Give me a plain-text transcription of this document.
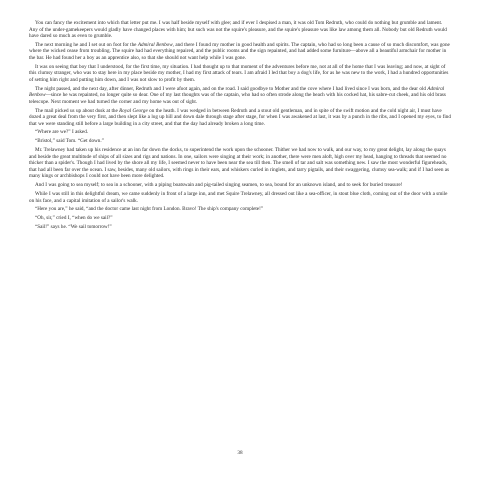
You can fancy the excitement into which that letter put me. I was half beside myself with glee; and if ever I despised a man, it was old Tom Redruth, who could do nothing but grumble and lament. Any of the under-gamekeepers would gladly have changed places with him; but such was not the squire's pleasure, and the squire's pleasure was like law among them all. Nobody but old Redruth would have dared so much as even to grumble.

The next morning he and I set out on foot for the Admiral Benbow, and there I found my mother in good health and spirits. The captain, who had so long been a cause of so much discomfort, was gone where the wicked cease from troubling. The squire had had everything repaired, and the public rooms and the sign repainted, and had added some furniture—above all a beautiful armchair for mother in the bar. He had found her a boy as an apprentice also, so that she should not want help while I was gone.

It was on seeing that boy that I understood, for the first time, my situation. I had thought up to that moment of the adventures before me, not at all of the home that I was leaving; and now, at sight of this clumsy stranger, who was to stay here in my place beside my mother, I had my first attack of tears. I am afraid I led that boy a dog's life, for as he was new to the work, I had a hundred opportunities of setting him right and putting him down, and I was not slow to profit by them.

The night passed, and the next day, after dinner, Redruth and I were afoot again, and on the road. I said goodbye to Mother and the cove where I had lived since I was born, and the dear old Admiral Benbow—since he was repainted, no longer quite so dear. One of my last thoughts was of the captain, who had so often strode along the beach with his cocked hat, his sabre-cut cheek, and his old brass telescope. Next moment we had turned the corner and my home was out of sight.

The mail picked us up about dusk at the Royal George on the heath. I was wedged in between Redruth and a stout old gentleman, and in spite of the swift motion and the cold night air, I must have dozed a great deal from the very first, and then slept like a log up hill and down dale through stage after stage, for when I was awakened at last, it was by a punch in the ribs, and I opened my eyes, to find that we were standing still before a large building in a city street, and that the day had already broken a long time.

“Where are we?” I asked.

“Bristol,” said Tom. “Get down.”

Mr. Trelawney had taken up his residence at an inn far down the docks, to superintend the work upon the schooner. Thither we had now to walk, and our way, to my great delight, lay along the quays and beside the great multitude of ships of all sizes and rigs and nations. In one, sailors were singing at their work; in another, there were men aloft, high over my head, hanging to threads that seemed no thicker than a spider's. Though I had lived by the shore all my life, I seemed never to have been near the sea till then. The smell of tar and salt was something new. I saw the most wonderful figureheads, that had all been far over the ocean. I saw, besides, many old sailors, with rings in their ears, and whiskers curled in ringlets, and tarry pigtails, and their swaggering, clumsy sea-walk; and if I had seen as many kings or archbishops I could not have been more delighted.

And I was going to sea myself; to sea in a schooner, with a piping boatswain and pig-tailed singing seamen, to sea, bound for an unknown island, and to seek for buried treasure!

While I was still in this delightful dream, we came suddenly in front of a large inn, and met Squire Trelawney, all dressed out like a sea-officer, in stout blue cloth, coming out of the door with a smile on his face, and a capital imitation of a sailor's walk.

“Here you are,” he said, “and the doctor came last night from London. Bravo! The ship's company complete!”

“Oh, sir,” cried I, “when do we sail?”

“Sail!” says he. “We sail tomorrow!”

38
